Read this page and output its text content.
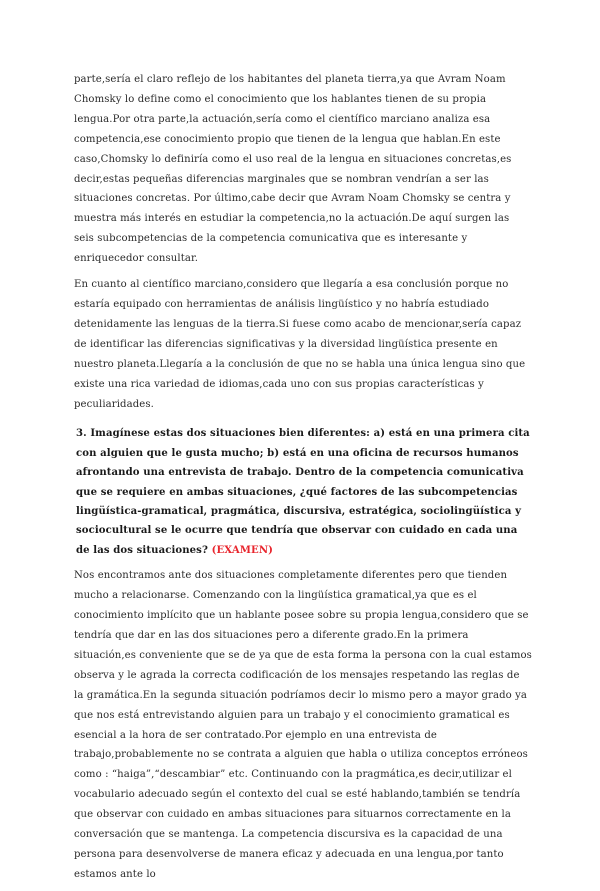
parte,sería el claro reflejo de los habitantes del planeta tierra,ya que Avram Noam Chomsky lo define como el conocimiento que los hablantes tienen de su propia lengua.Por otra parte,la actuación,sería como el científico marciano analiza esa competencia,ese conocimiento propio que tienen de la lengua que hablan.En este caso,Chomsky lo definiría como el uso real de la lengua en situaciones concretas,es decir,estas pequeñas diferencias marginales que se nombran vendrían a ser las situaciones concretas. Por último,cabe decir que Avram Noam Chomsky se centra y muestra más interés en estudiar la competencia,no la actuación.De aquí surgen las seis subcompetencias de la competencia comunicativa que es interesante y enriquecedor consultar.

En cuanto al científico marciano,considero que llegaría a esa conclusión porque no estaría equipado con herramientas de análisis lingüístico y no habría estudiado detenidamente las lenguas de la tierra.Si fuese como acabo de mencionar,sería capaz de identificar las diferencias significativas y la diversidad lingüística presente en nuestro planeta.Llegaría a la conclusión de que no se habla una única lengua sino que existe una rica variedad de idiomas,cada uno con sus propias características y peculiaridades.

3. Imagínese estas dos situaciones bien diferentes: a) está en una primera cita con alguien que le gusta mucho; b) está en una oficina de recursos humanos afrontando una entrevista de trabajo. Dentro de la competencia comunicativa que se requiere en ambas situaciones, ¿qué factores de las subcompetencias lingüística-gramatical, pragmática, discursiva, estratégica, sociolingüística y sociocultural se le ocurre que tendría que observar con cuidado en cada una de las dos situaciones? (EXAMEN)

Nos encontramos ante dos situaciones completamente diferentes pero que tienden mucho a relacionarse. Comenzando con la lingüística gramatical,ya que es el conocimiento implícito que un hablante posee sobre su propia lengua,considero que se tendría que dar en las dos situaciones pero a diferente grado.En la primera situación,es conveniente que se de ya que de esta forma la persona con la cual estamos observa y le agrada la correcta codificación de los mensajes respetando las reglas de la gramática.En la segunda situación podríamos decir lo mismo pero a mayor grado ya que nos está entrevistando alguien para un trabajo y el conocimiento gramatical es esencial a la hora de ser contratado.Por ejemplo en una entrevista de trabajo,probablemente no se contrata a alguien que habla o utiliza conceptos erróneos como : “haiga”,“descambiar” etc. Continuando con la pragmática,es decir,utilizar el vocabulario adecuado según el contexto del cual se esté hablando,también se tendría que observar con cuidado en ambas situaciones para situarnos correctamente en la conversación que se mantenga. La competencia discursiva es la capacidad de una persona para desenvolverse de manera eficaz y adecuada en una lengua,por tanto estamos ante lo
